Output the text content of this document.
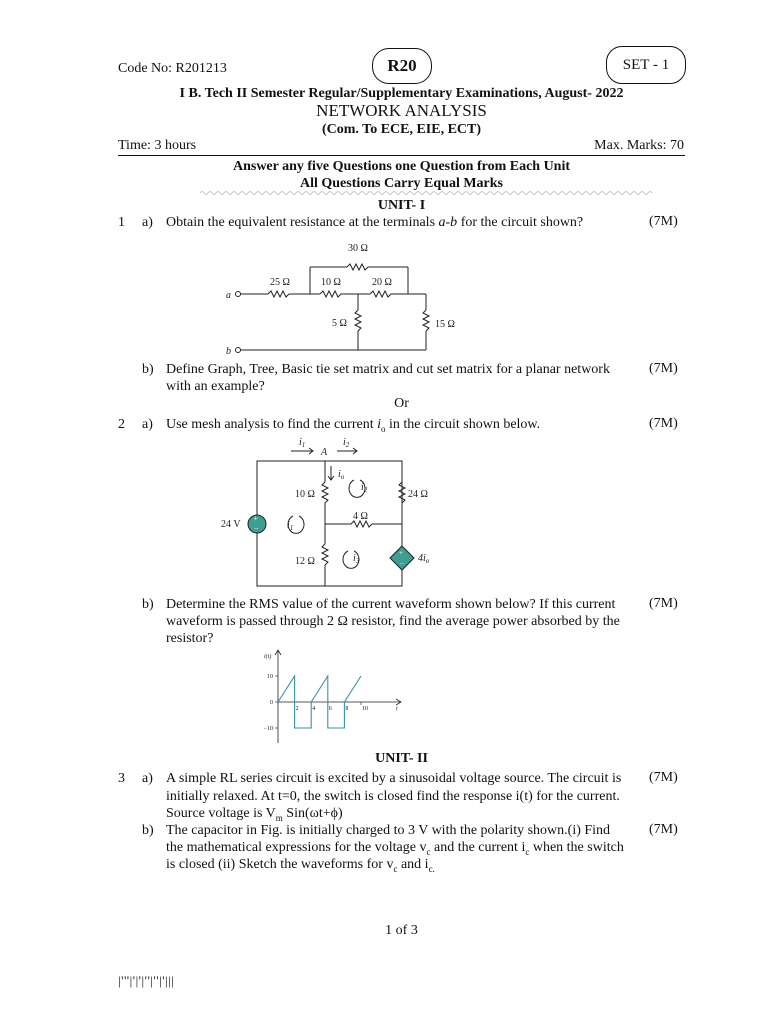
Code No: R201213	R20	SET - 1
I B. Tech II Semester Regular/Supplementary Examinations, August- 2022
NETWORK ANALYSIS
(Com. To ECE, EIE, ECT)
Time: 3 hours	Max. Marks: 70
Answer any five Questions one Question from Each Unit
All Questions Carry Equal Marks
UNIT- I
1 a) Obtain the equivalent resistance at the terminals a-b for the circuit shown?	(7M)
30 Ω
25 Ω	10 Ω	20 Ω
5 Ω	15 Ω
a
b
b) Define Graph, Tree, Basic tie set matrix and cut set matrix for a planar network
with an example?
(7M)
Or
2 a) Use mesh analysis to find the current $i_o$ in the circuit shown below.	(7M)
+
−
+
−
$i_1$
A
$i_2$
$i_o$
10 Ω	24 Ω
4 Ω
12 Ω
24 V	$i_1$
$i_2$
$i_3$	$4i_o$
b) Determine the RMS value of the current waveform shown below? If this current
waveform is passed through 2 Ω resistor, find the average power absorbed by the
resistor?
(7M)
i(t)
t
2 4 6 8 10
10
0
−10
UNIT- II
3 a) A simple RL series circuit is excited by a sinusoidal voltage source. The circuit is
initially relaxed. At t=0, the switch is closed find the response i(t) for the current.
Source voltage is $V_m$ Sin(ωt+ϕ)
(7M)
b) The capacitor in Fig. is initially charged to 3 V with the polarity shown.(i) Find
the mathematical expressions for the voltage $v_c$ and the current $i_c$ when the switch
is closed (ii) Sketch the waveforms for $v_c$ and $i_{c.}$
(7M)
1 of 3
|'''|'|'|''|''|'|||
